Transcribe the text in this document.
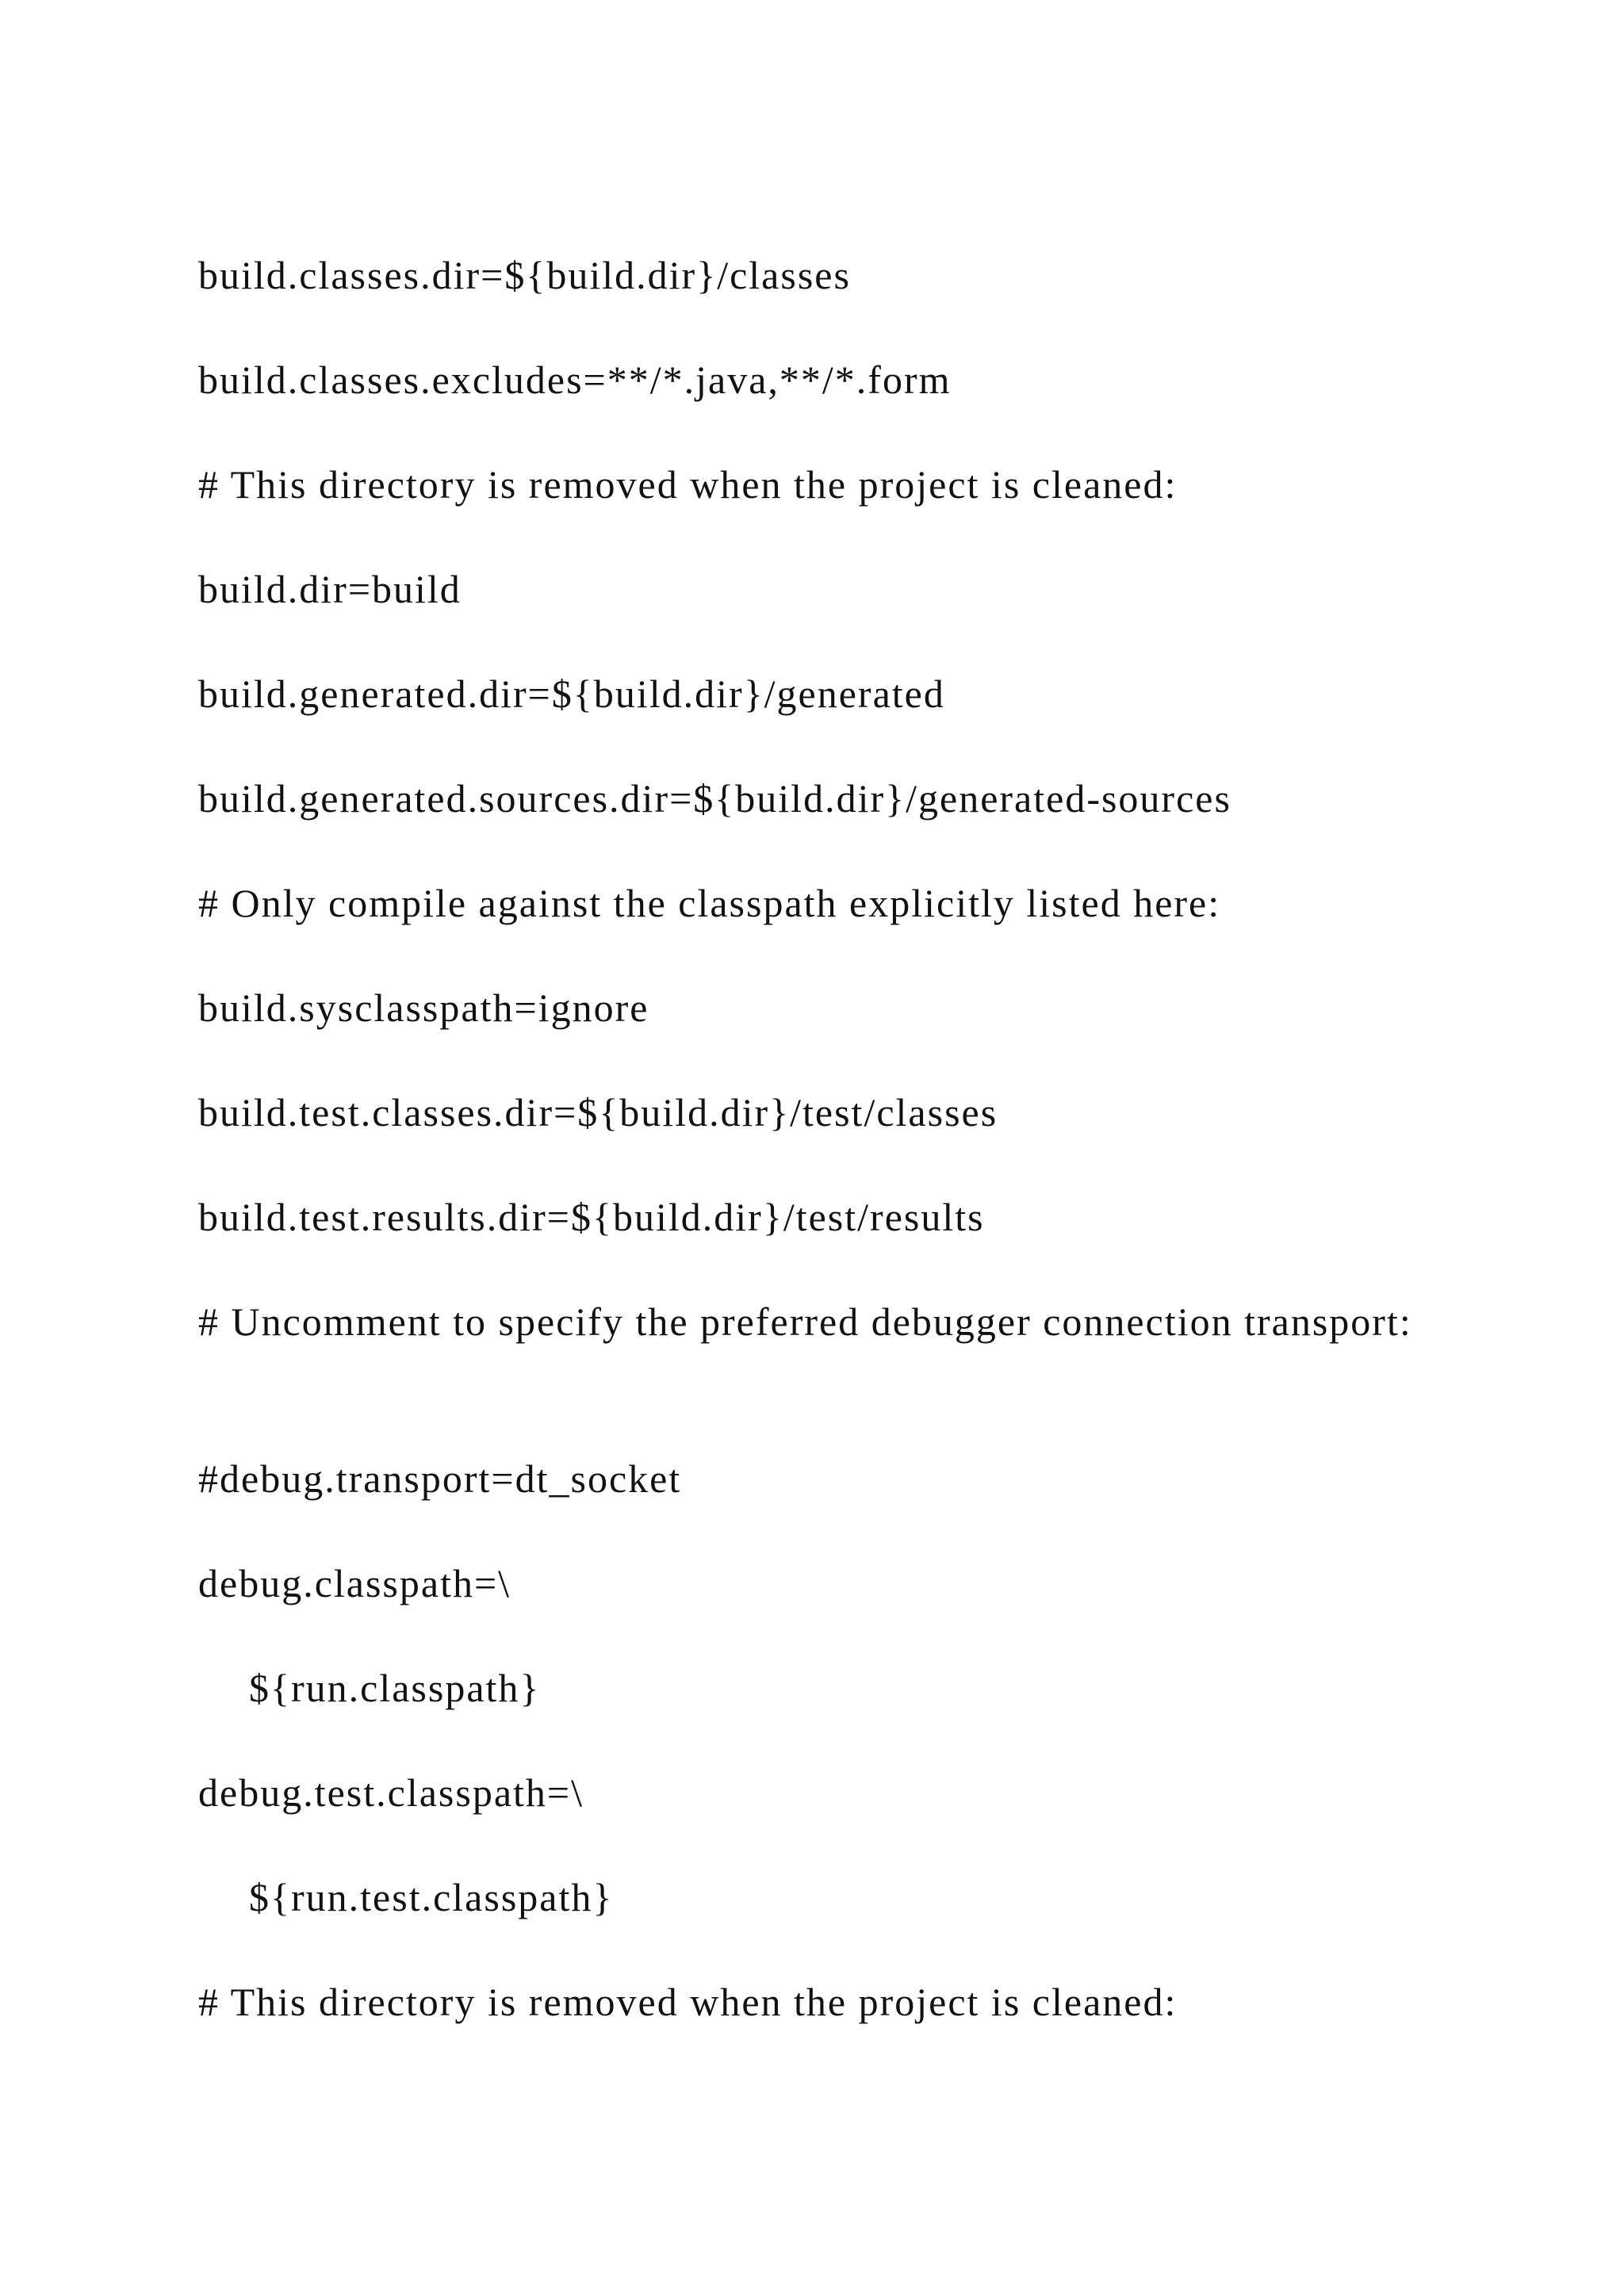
build.classes.dir=${build.dir}/classes
build.classes.excludes=**/*.java,**/*.form
# This directory is removed when the project is cleaned:
build.dir=build
build.generated.dir=${build.dir}/generated
build.generated.sources.dir=${build.dir}/generated-sources
# Only compile against the classpath explicitly listed here:
build.sysclasspath=ignore
build.test.classes.dir=${build.dir}/test/classes
build.test.results.dir=${build.dir}/test/results
# Uncomment to specify the preferred debugger connection transport:
#debug.transport=dt_socket
debug.classpath=\
${run.classpath}
debug.test.classpath=\
${run.test.classpath}
# This directory is removed when the project is cleaned:
